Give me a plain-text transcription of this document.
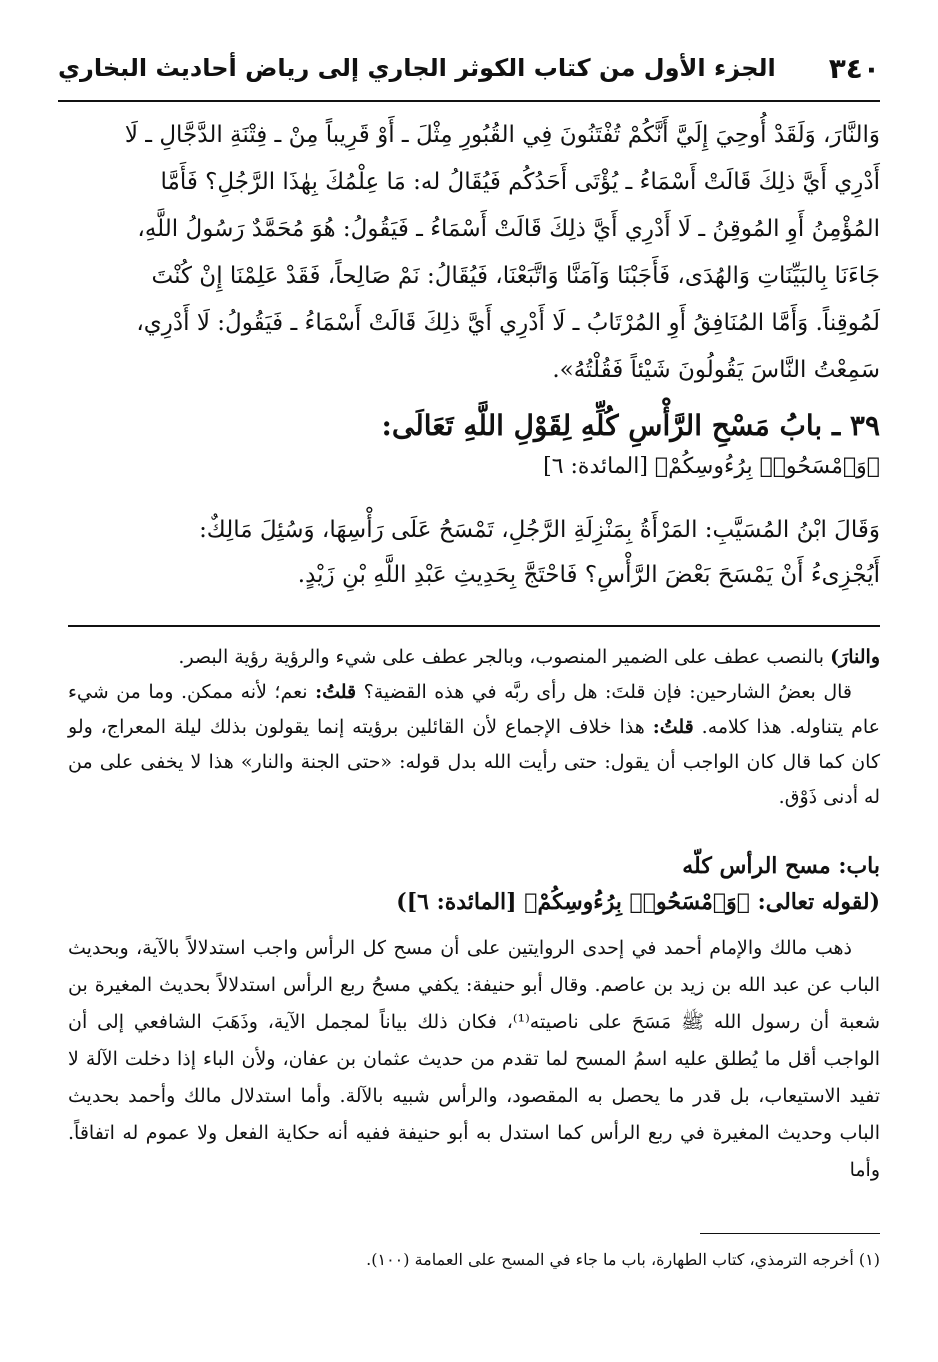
٣٤٠
الجزء الأول من كتاب الكوثر الجاري إلى رياض أحاديث البخاري

وَالنَّارَ، وَلَقَدْ أُوحِيَ إِلَيَّ أَنَّكُمْ تُفْتَنُونَ فِي القُبُورِ مِثْلَ ـ أَوْ قَرِيباً مِنْ ـ فِتْنَةِ الدَّجَّالِ ـ لَا

أَدْرِي أَيَّ ذلِكَ قَالَتْ أَسْمَاءُ ـ يُؤْتَى أَحَدُكُم فَيُقَالُ له: مَا عِلْمُكَ بِهٰذَا الرَّجُلِ؟ فَأَمَّا

المُؤْمِنُ أَوِ المُوقِنُ ـ لَا أَدْرِي أَيَّ ذلِكَ قَالَتْ أَسْمَاءُ ـ فَيَقُولُ: هُوَ مُحَمَّدٌ رَسُولُ اللَّهِ،

جَاءَنَا بِالبَيِّنَاتِ وَالهُدَى، فَأَجَبْنَا وَآمَنَّا وَاتَّبَعْنَا، فَيُقَالُ: نَمْ صَالِحاً، فَقَدْ عَلِمْنَا إِنْ كُنْتَ

لَمُوقِناً. وَأَمَّا المُنَافِقُ أَوِ المُرْتَابُ ـ لَا أَدْرِي أَيَّ ذلِكَ قَالَتْ أَسْمَاءُ ـ فَيَقُولُ: لَا أَدْرِي،

سَمِعْتُ النَّاسَ يَقُولُونَ شَيْئاً فَقُلْتُهُ».

٣٩ ـ بابُ مَسْحِ الرَّأْسِ كُلِّهِ لِقَوْلِ اللَّهِ تَعَالَى:

﴿وَٱمْسَحُوا۟ بِرُءُوسِكُمْ﴾ [المائدة: ٦]

وَقَالَ ابْنُ المُسَيَّبِ: المَرْأَةُ بِمَنْزِلَةِ الرَّجُلِ، تَمْسَحُ عَلَى رَأْسِهَا، وَسُئِلَ مَالِكٌ:

أَيُجْزِىءُ أَنْ يَمْسَحَ بَعْضَ الرَّأْسِ؟ فَاحْتَجَّ بِحَدِيثِ عَبْدِ اللَّهِ بْنِ زَيْدٍ.

والنارَ) بالنصب عطف على الضمير المنصوب، وبالجر عطف على شيء والرؤية رؤية البصر.

قال بعضُ الشارحين: فإن قلتَ: هل رأى ربَّه في هذه القضية؟ قلتُ: نعم؛ لأنه ممكن. وما من شيء عام يتناوله. هذا كلامه. قلتُ: هذا خلاف الإجماع لأن القائلين برؤيته إنما يقولون بذلك ليلة المعراج، ولو كان كما قال كان الواجب أن يقول: حتى رأيت الله بدل قوله: «حتى الجنة والنار» هذا لا يخفى على من له أدنى ذَوْق.

باب: مسح الرأس كلّه

(لقوله تعالى: ﴿وَٱمْسَحُوا۟ بِرُءُوسِكُمْ﴾ [المائدة: ٦])

ذهب مالك والإمام أحمد في إحدى الروايتين على أن مسح كل الرأس واجب استدلالاً بالآية، وبحديث الباب عن عبد الله بن زيد بن عاصم. وقال أبو حنيفة: يكفي مسحُ ربع الرأس استدلالاً بحديث المغيرة بن شعبة أن رسول الله ﷺ مَسَحَ على ناصيته⁽¹⁾، فكان ذلك بياناً لمجمل الآية، وذَهَبَ الشافعي إلى أن الواجب أقل ما يُطلق عليه اسمُ المسح لما تقدم من حديث عثمان بن عفان، ولأن الباء إذا دخلت الآلة لا تفيد الاستيعاب، بل قدر ما يحصل به المقصود، والرأس شبيه بالآلة. وأما استدلال مالك وأحمد بحديث الباب وحديث المغيرة في ربع الرأس كما استدل به أبو حنيفة ففيه أنه حكاية الفعل ولا عموم له اتفاقاً. وأما

(١) أخرجه الترمذي، كتاب الطهارة، باب ما جاء في المسح على العمامة (١٠٠).
